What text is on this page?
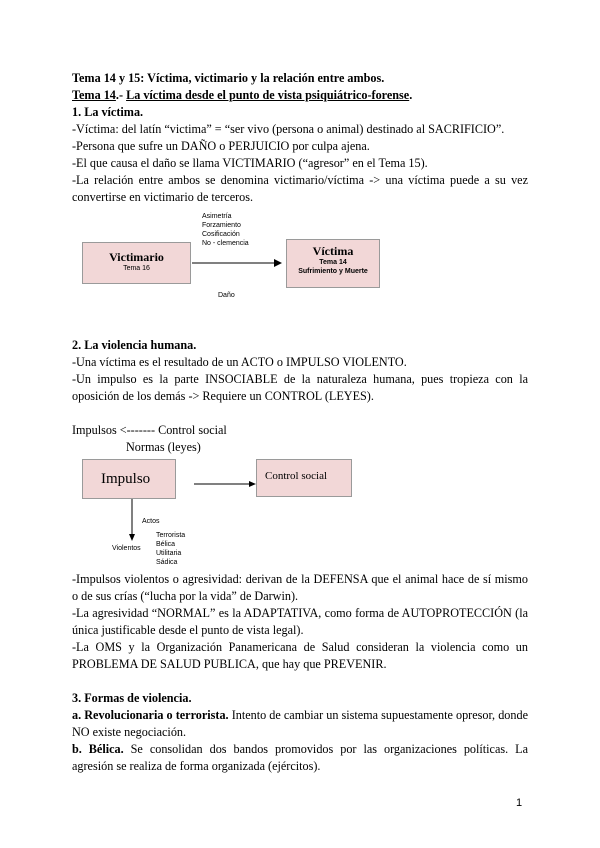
Tema 14 y 15: Víctima, victimario y la relación entre ambos.

Tema 14.- La víctima desde el punto de vista psiquiátrico-forense.

1. La víctima.

-Víctima: del latín “victima” = “ser vivo (persona o animal) destinado al SACRIFICIO”.

-Persona que sufre un DAÑO o PERJUICIO por culpa ajena.

-El que causa el daño se llama VICTIMARIO (“agresor” en el Tema 15).

-La relación entre ambos se denomina victimario/víctima -> una víctima puede a su vez convertirse en victimario de terceros.

Victimario
Tema 16
Asimetría
Forzamiento
Cosificación
No - clemencia
Víctima
Tema 14
Sufrimiento y Muerte
Daño

2. La violencia humana.

-Una víctima es el resultado de un ACTO o IMPULSO VIOLENTO.

-Un impulso es la parte INSOCIABLE de la naturaleza humana, pues tropieza con la oposición de los demás -> Requiere un CONTROL (LEYES).

Impulsos <------- Control social

Normas (leyes)

Impulso	Control social
Actos
Violentos
Terrorista
Bélica
Utilitaria
Sádica

-Impulsos violentos o agresividad: derivan de la DEFENSA que el animal hace de sí mismo o de sus crías (“lucha por la vida” de Darwin).

-La agresividad “NORMAL” es la ADAPTATIVA, como forma de AUTOPROTECCIÓN (la única justificable desde el punto de vista legal).

-La OMS y la Organización Panamericana de Salud consideran la violencia como un PROBLEMA DE SALUD PUBLICA, que hay que PREVENIR.

3. Formas de violencia.

a. Revolucionaria o terrorista. Intento de cambiar un sistema supuestamente opresor, donde NO existe negociación.

b. Bélica. Se consolidan dos bandos promovidos por las organizaciones políticas. La agresión se realiza de forma organizada (ejércitos).

1
